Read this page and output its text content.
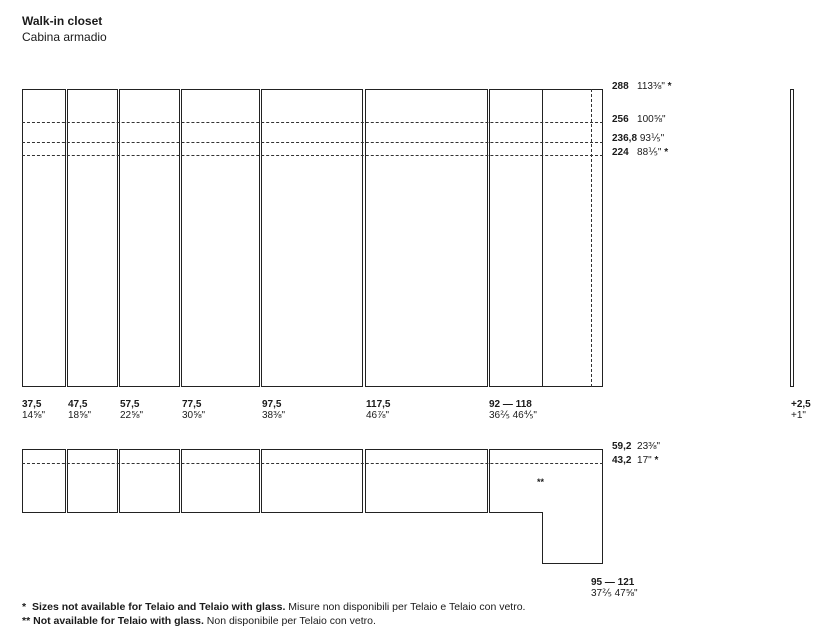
Walk-in closet
Cabina armadio
288 113⅜" *
256 100⅝"
236,8 93⅕"
224 88⅕" *
37,5
14⅝"
47,5
18⅝"
57,5
22⅝"
77,5
30⅝"
97,5
38⅜"
117,5
46⅞"
92 — 118
36⅖ 46⅘"
+2,5
+1"
**
59,2 23⅜"
43,2 17" *
95 — 121
37⅖ 47⅝"
* Sizes not available for Telaio and Telaio with glass. Misure non disponibili per Telaio e Telaio con vetro.
** Not available for Telaio with glass. Non disponibile per Telaio con vetro.
